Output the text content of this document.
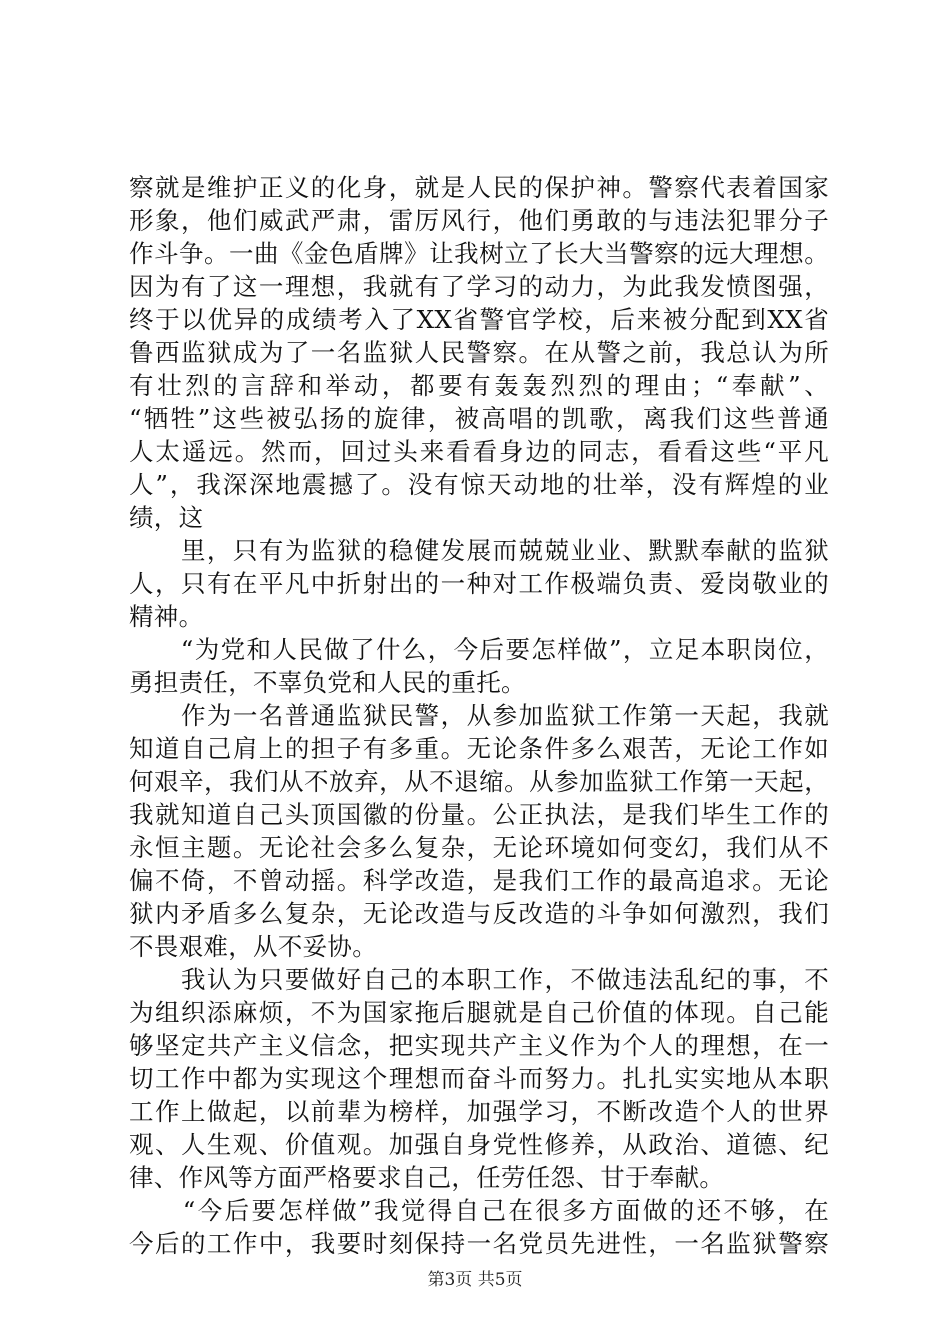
察就是维护正义的化身，就是人民的保护神。警察代表着国家
形象，他们威武严肃，雷厉风行，他们勇敢的与违法犯罪分子
作斗争。一曲《金色盾牌》让我树立了长大当警察的远大理想。
因为有了这一理想，我就有了学习的动力，为此我发愤图强，
终于以优异的成绩考入了XX省警官学校，后来被分配到XX省
鲁西监狱成为了一名监狱人民警察。在从警之前，我总认为所
有壮烈的言辞和举动，都要有轰轰烈烈的理由；“奉献”、
“牺牲”这些被弘扬的旋律，被高唱的凯歌，离我们这些普通
人太遥远。然而，回过头来看看身边的同志，看看这些“平凡
人”，我深深地震撼了。没有惊天动地的壮举，没有辉煌的业
绩，这
　　里，只有为监狱的稳健发展而兢兢业业、默默奉献的监狱
人，只有在平凡中折射出的一种对工作极端负责、爱岗敬业的
精神。
　　“为党和人民做了什么，今后要怎样做”，立足本职岗位，
勇担责任，不辜负党和人民的重托。
　　作为一名普通监狱民警，从参加监狱工作第一天起，我就
知道自己肩上的担子有多重。无论条件多么艰苦，无论工作如
何艰辛，我们从不放弃，从不退缩。从参加监狱工作第一天起，
我就知道自己头顶国徽的份量。公正执法，是我们毕生工作的
永恒主题。无论社会多么复杂，无论环境如何变幻，我们从不
偏不倚，不曾动摇。科学改造，是我们工作的最高追求。无论
狱内矛盾多么复杂，无论改造与反改造的斗争如何激烈，我们
不畏艰难，从不妥协。
　　我认为只要做好自己的本职工作，不做违法乱纪的事，不
为组织添麻烦，不为国家拖后腿就是自己价值的体现。自己能
够坚定共产主义信念，把实现共产主义作为个人的理想，在一
切工作中都为实现这个理想而奋斗而努力。扎扎实实地从本职
工作上做起，以前辈为榜样，加强学习，不断改造个人的世界
观、人生观、价值观。加强自身党性修养，从政治、道德、纪
律、作风等方面严格要求自己，任劳任怨、甘于奉献。
　　“今后要怎样做”我觉得自己在很多方面做的还不够，在
今后的工作中，我要时刻保持一名党员先进性，一名监狱警察
第3页 共5页
